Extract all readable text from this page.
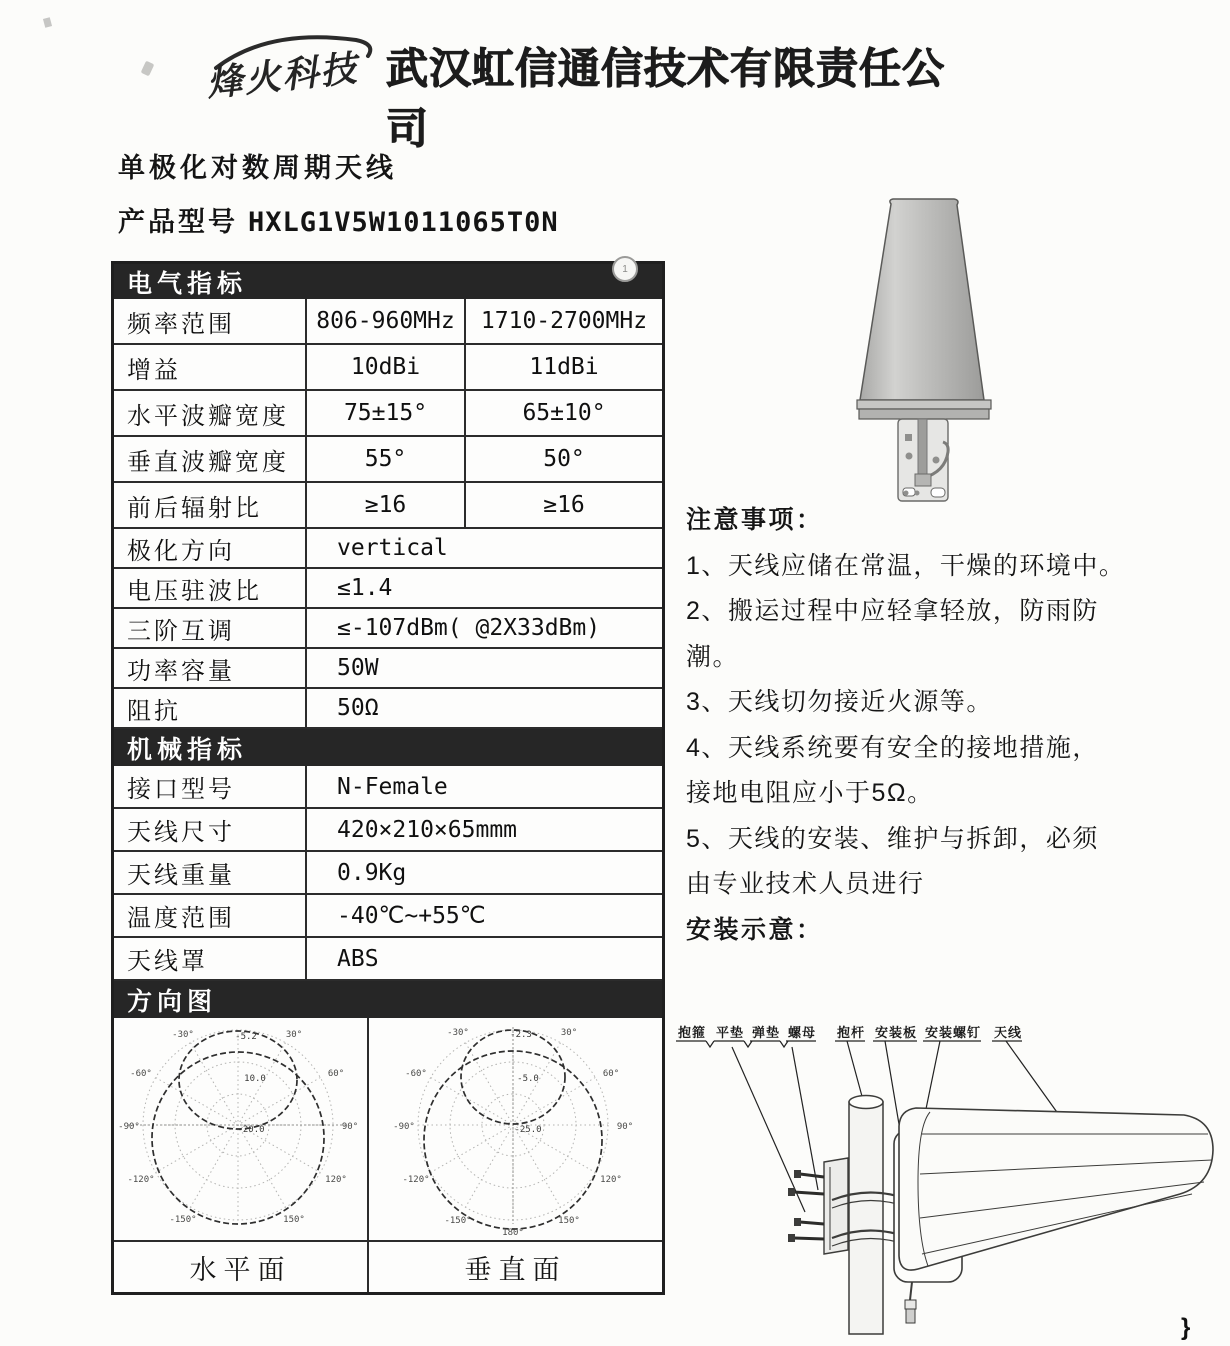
烽火科技 武汉虹信通信技术有限责任公司
单极化对数周期天线
产品型号 HXLG1V5W1011065T0N
1
电气指标
频率范围	806-960MHz 1710-2700MHz
增益	10dBi	11dBi
水平波瓣宽度	75±15°	65±10°
垂直波瓣宽度	55°	50°
前后辐射比	≥16	≥16
极化方向	vertical
电压驻波比	≤1.4
三阶互调	≤-107dBm( @2X33dBm)
功率容量	50W
阻抗	50Ω
机械指标
接口型号	N-Female
天线尺寸	420×210×65mmm
天线重量	0.9Kg
温度范围	-40℃~+55℃
天线罩	ABS
方向图
-30°	30°
-60°	60°
-90°	90°
-120°	120°
-150°	150°
-5.2
10.0
-20.0
-30°	30°
-60°	60°
-90°	90°
-120°	120°
-150°	150°
180°
-2.3
-5.0
-25.0
水平面	垂直面
注意事项：
1、天线应储在常温，干燥的环境中。
2、搬运过程中应轻拿轻放，防雨防
潮。
3、天线切勿接近火源等。
4、天线系统要有安全的接地措施，
接地电阻应小于5Ω。
5、天线的安装、维护与拆卸，必须
由专业技术人员进行
安装示意：
抱箍 平垫 弹垫 螺母 抱杆 安装板 安装螺钉 天线
}
